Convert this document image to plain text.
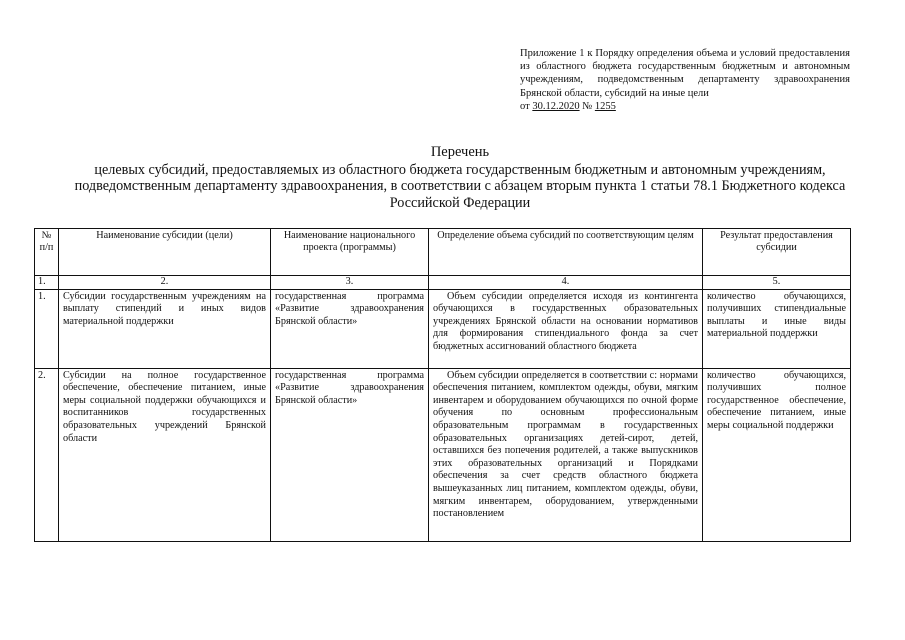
Приложение 1 к Порядку определения объема и условий предоставления из областного бюджета государственным бюджетным и автономным учреждениям, подведомственным департаменту здравоохранения Брянской области, субсидий на иные цели
от 30.12.2020 № 1255
Перечень
целевых субсидий, предоставляемых из областного бюджета государственным бюджетным и автономным учреждениям, подведомственным департаменту здравоохранения, в соответствии с абзацем вторым пункта 1 статьи 78.1 Бюджетного кодекса Российской Федерации
№ п/п	Наименование субсидии (цели)	Наименование национального проекта (программы)	Определение объема субсидий по соответствующим целям	Результат предоставления субсидии
1.	2.	3.	4.	5.
1.	Субсидии государственным учреждениям на выплату стипендий и иных видов материальной поддержки	государственная программа «Развитие здравоохранения Брянской области»	Объем субсидии определяется исходя из контингента обучающихся в государственных образовательных учреждениях Брянской области на основании нормативов для формирования стипендиального фонда за счет бюджетных ассигнований областного бюджета	количество обучающихся, получивших стипендиальные выплаты и иные виды материальной поддержки
2.	Субсидии на полное государственное обеспечение, обеспечение питанием, иные меры социальной поддержки обучающихся и воспитанников государственных образовательных учреждений Брянской области	государственная программа «Развитие здравоохранения Брянской области»	Объем субсидии определяется в соответствии с: нормами обеспечения питанием, комплектом одежды, обуви, мягким инвентарем и оборудованием обучающихся по очной форме обучения по основным профессиональным образовательным программам в государственных образовательных организациях детей-сирот, детей, оставшихся без попечения родителей, а также выпускников этих образовательных организаций и Порядками обеспечения за счет средств областного бюджета вышеуказанных лиц питанием, комплектом одежды, обуви, мягким инвентарем, оборудованием, утвержденными постановлением	количество обучающихся, получивших полное государственное обеспечение, обеспечение питанием, иные меры социальной поддержки
